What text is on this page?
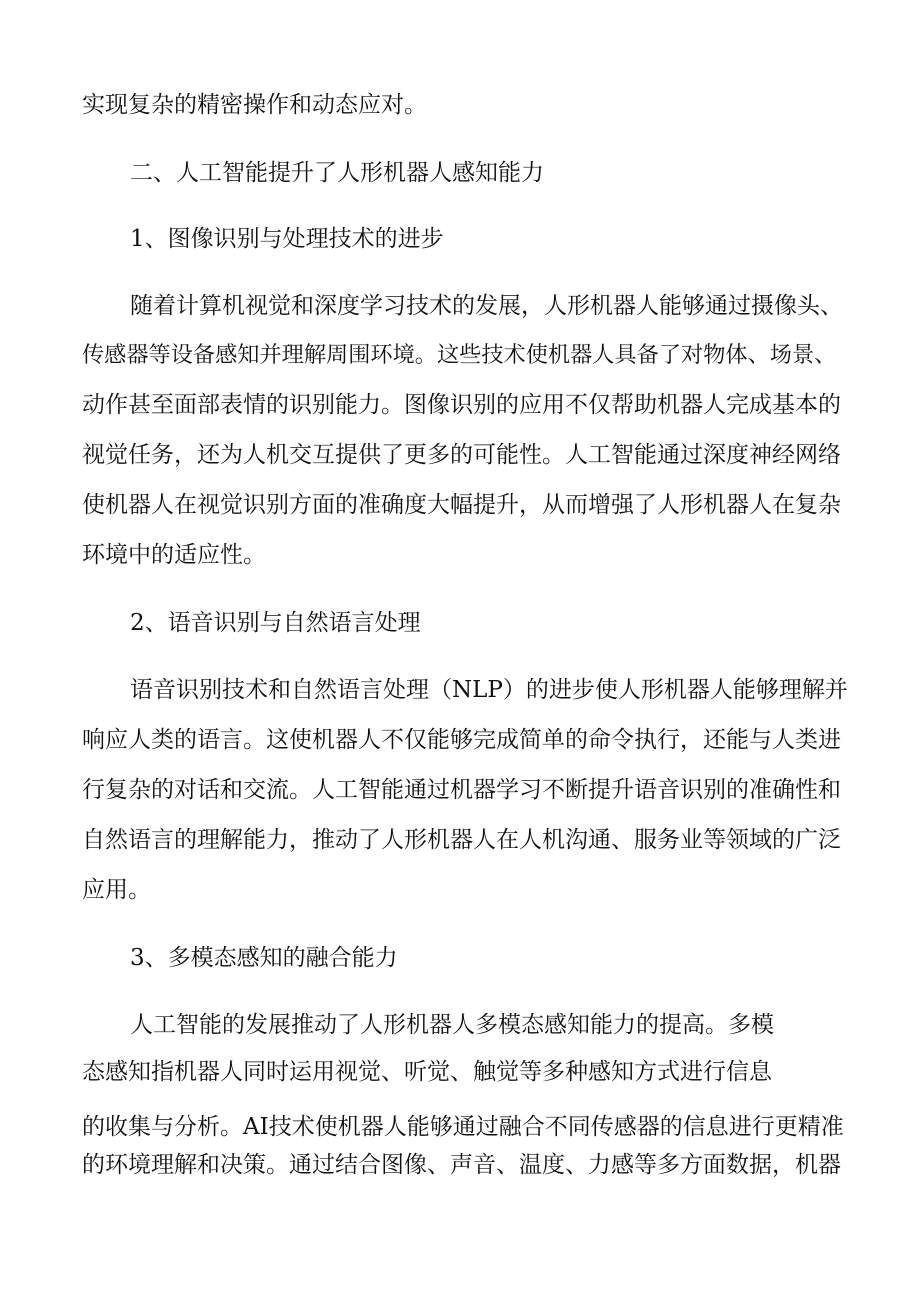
实现复杂的精密操作和动态应对。
二、人工智能提升了人形机器人感知能力
1、图像识别与处理技术的进步
随着计算机视觉和深度学习技术的发展，人形机器人能够通过摄像头、
传感器等设备感知并理解周围环境。这些技术使机器人具备了对物体、场景、
动作甚至面部表情的识别能力。图像识别的应用不仅帮助机器人完成基本的
视觉任务，还为人机交互提供了更多的可能性。人工智能通过深度神经网络
使机器人在视觉识别方面的准确度大幅提升，从而增强了人形机器人在复杂
环境中的适应性。
2、语音识别与自然语言处理
语音识别技术和自然语言处理（NLP）的进步使人形机器人能够理解并
响应人类的语言。这使机器人不仅能够完成简单的命令执行，还能与人类进
行复杂的对话和交流。人工智能通过机器学习不断提升语音识别的准确性和
自然语言的理解能力，推动了人形机器人在人机沟通、服务业等领域的广泛
应用。
3、多模态感知的融合能力
人工智能的发展推动了人形机器人多模态感知能力的提高。多模
态感知指机器人同时运用视觉、听觉、触觉等多种感知方式进行信息
的收集与分析。AI技术使机器人能够通过融合不同传感器的信息进行更精准
的环境理解和决策。通过结合图像、声音、温度、力感等多方面数据，机器
